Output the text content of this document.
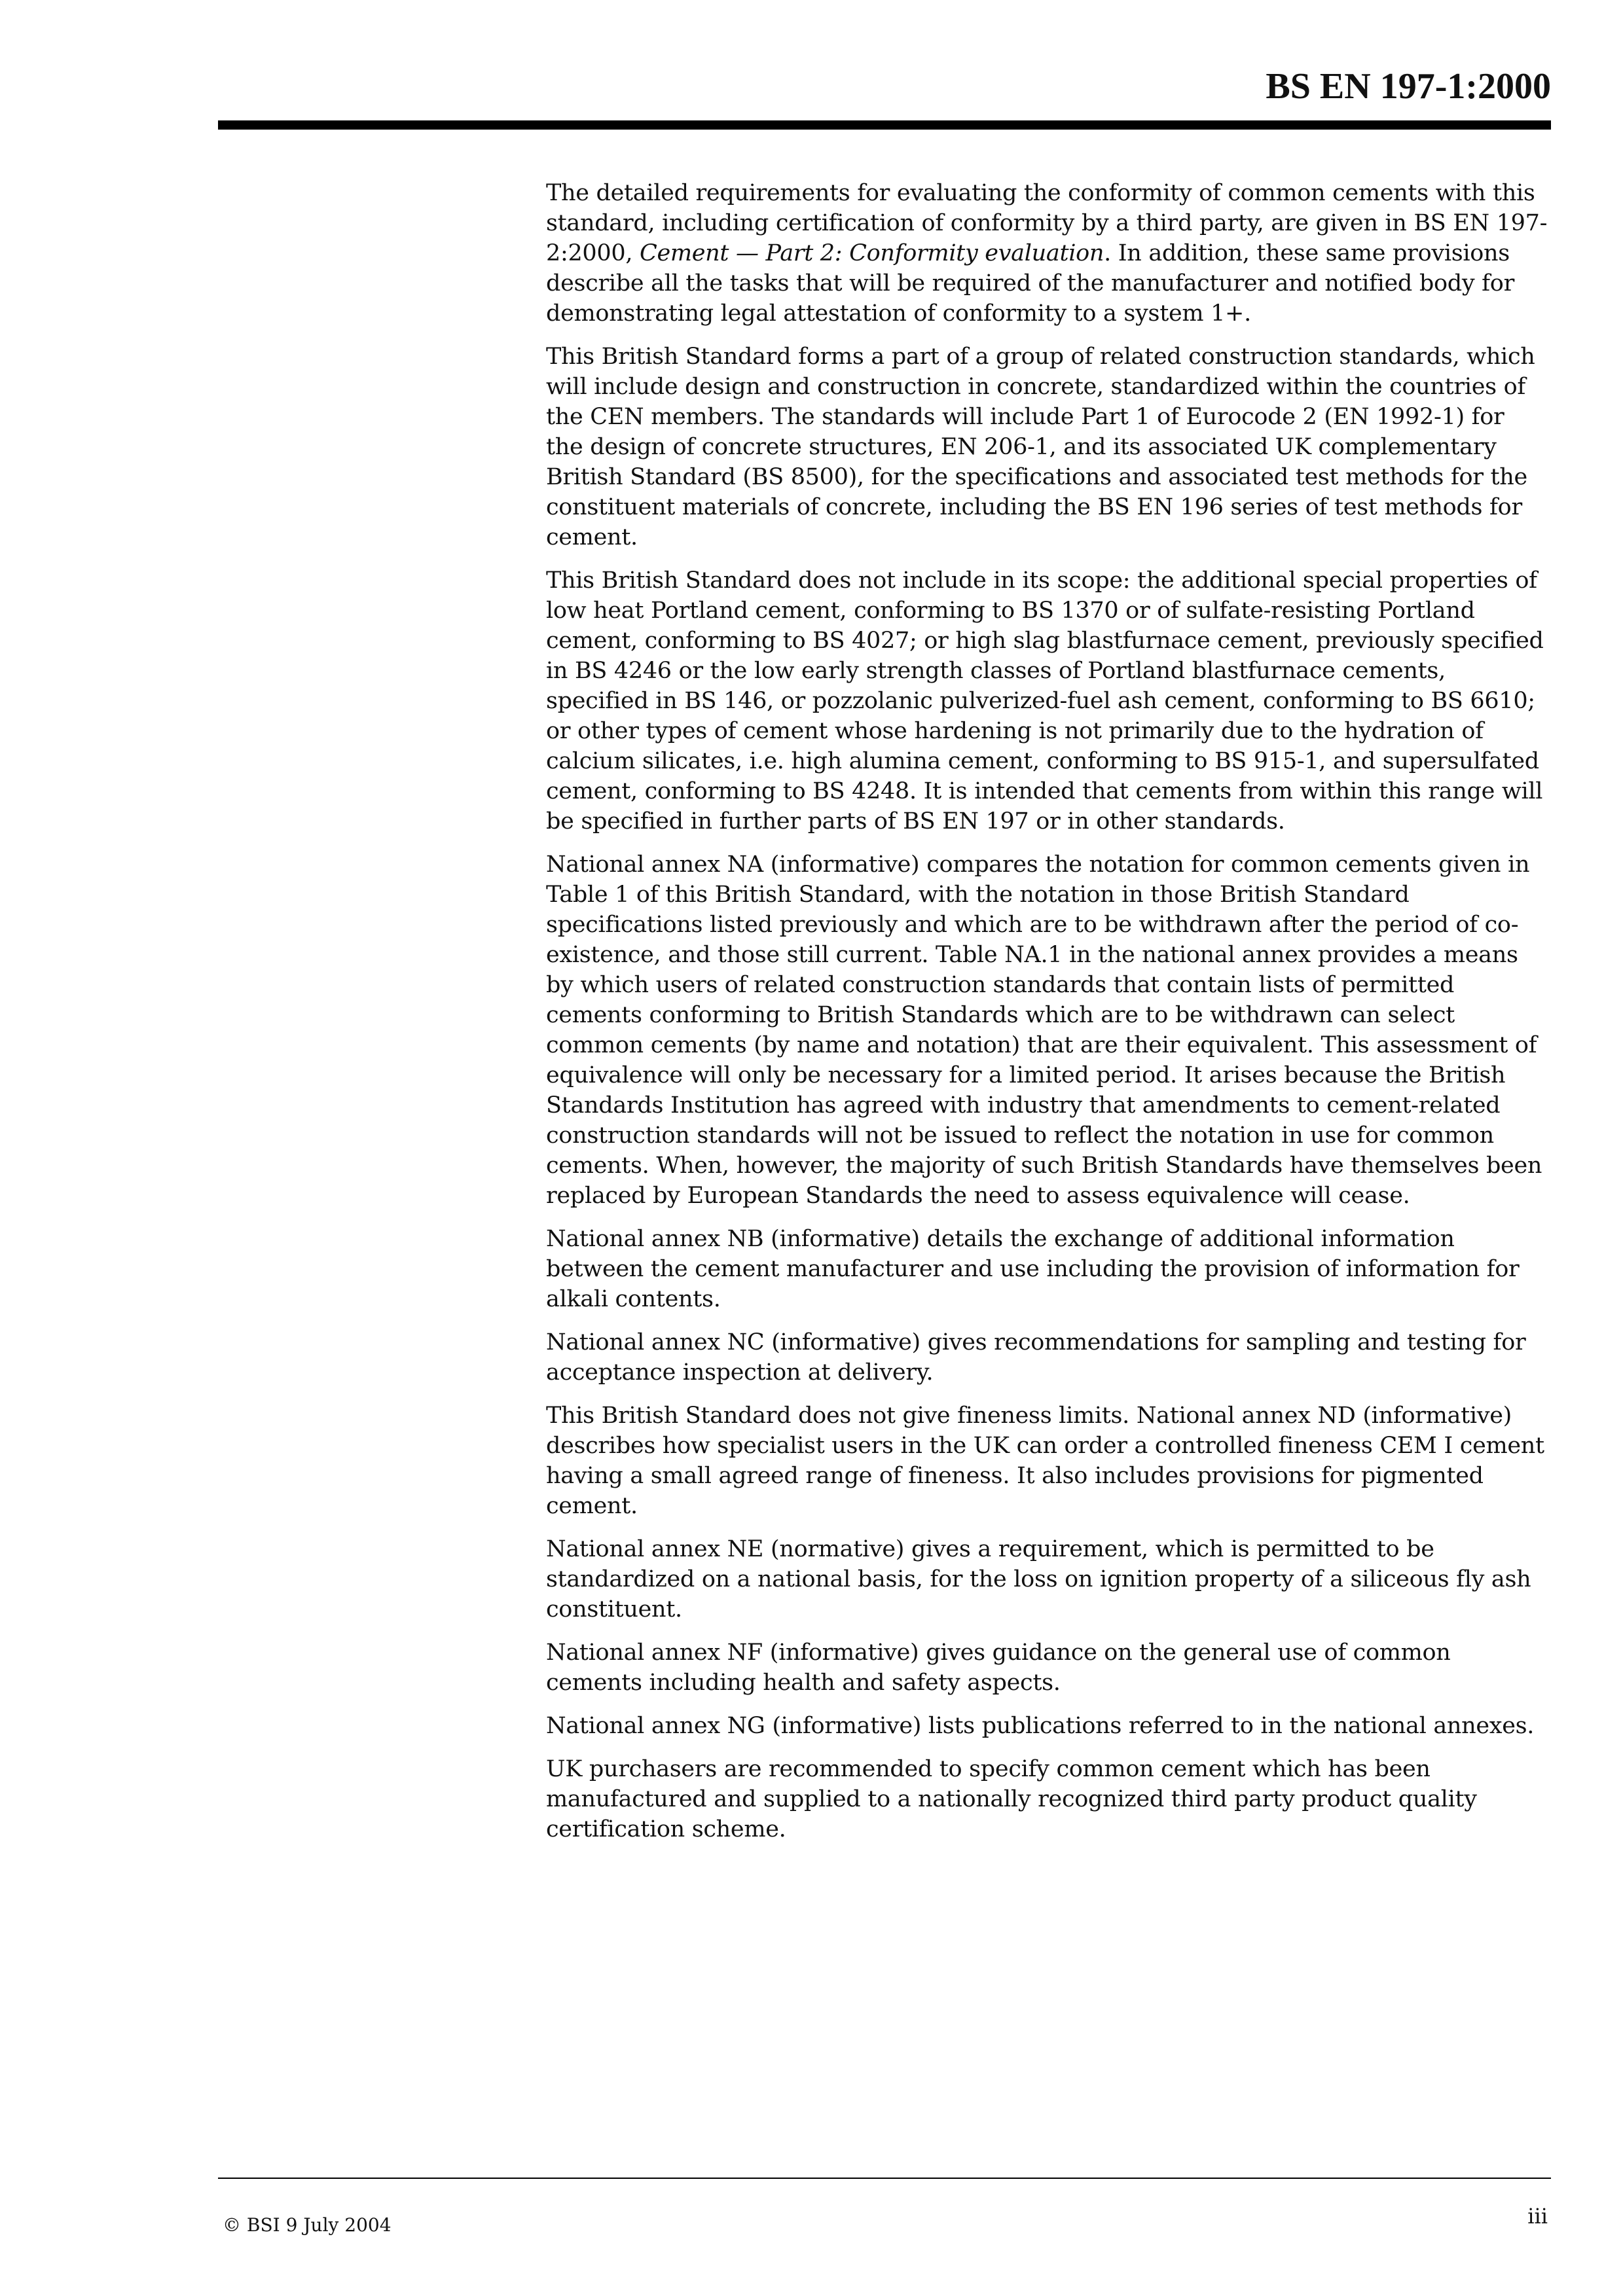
BS EN 197-1:2000

The detailed requirements for evaluating the conformity of common cements with this standard, including certification of conformity by a third party, are given in BS EN 197-2:2000, Cement — Part 2: Conformity evaluation. In addition, these same provisions describe all the tasks that will be required of the manufacturer and notified body for demonstrating legal attestation of conformity to a system 1+.

This British Standard forms a part of a group of related construction standards, which will include design and construction in concrete, standardized within the countries of the CEN members. The standards will include Part 1 of Eurocode 2 (EN 1992-1) for the design of concrete structures, EN 206-1, and its associated UK complementary British Standard (BS 8500), for the specifications and associated test methods for the constituent materials of concrete, including the BS EN 196 series of test methods for cement.

This British Standard does not include in its scope: the additional special properties of low heat Portland cement, conforming to BS 1370 or of sulfate-resisting Portland cement, conforming to BS 4027; or high slag blastfurnace cement, previously specified in BS 4246 or the low early strength classes of Portland blastfurnace cements, specified in BS 146, or pozzolanic pulverized-fuel ash cement, conforming to BS 6610; or other types of cement whose hardening is not primarily due to the hydration of calcium silicates, i.e. high alumina cement, conforming to BS 915-1, and supersulfated cement, conforming to BS 4248. It is intended that cements from within this range will be specified in further parts of BS EN 197 or in other standards.

National annex NA (informative) compares the notation for common cements given in Table 1 of this British Standard, with the notation in those British Standard specifications listed previously and which are to be withdrawn after the period of co-existence, and those still current. Table NA.1 in the national annex provides a means by which users of related construction standards that contain lists of permitted cements conforming to British Standards which are to be withdrawn can select common cements (by name and notation) that are their equivalent. This assessment of equivalence will only be necessary for a limited period. It arises because the British Standards Institution has agreed with industry that amendments to cement-related construction standards will not be issued to reflect the notation in use for common cements. When, however, the majority of such British Standards have themselves been replaced by European Standards the need to assess equivalence will cease.

National annex NB (informative) details the exchange of additional information between the cement manufacturer and use including the provision of information for alkali contents.

National annex NC (informative) gives recommendations for sampling and testing for acceptance inspection at delivery.

This British Standard does not give fineness limits. National annex ND (informative) describes how specialist users in the UK can order a controlled fineness CEM I cement having a small agreed range of fineness. It also includes provisions for pigmented cement.

National annex NE (normative) gives a requirement, which is permitted to be standardized on a national basis, for the loss on ignition property of a siliceous fly ash constituent.

National annex NF (informative) gives guidance on the general use of common cements including health and safety aspects.

National annex NG (informative) lists publications referred to in the national annexes.

UK purchasers are recommended to specify common cement which has been manufactured and supplied to a nationally recognized third party product quality certification scheme.

© BSI 9 July 2004	iii
